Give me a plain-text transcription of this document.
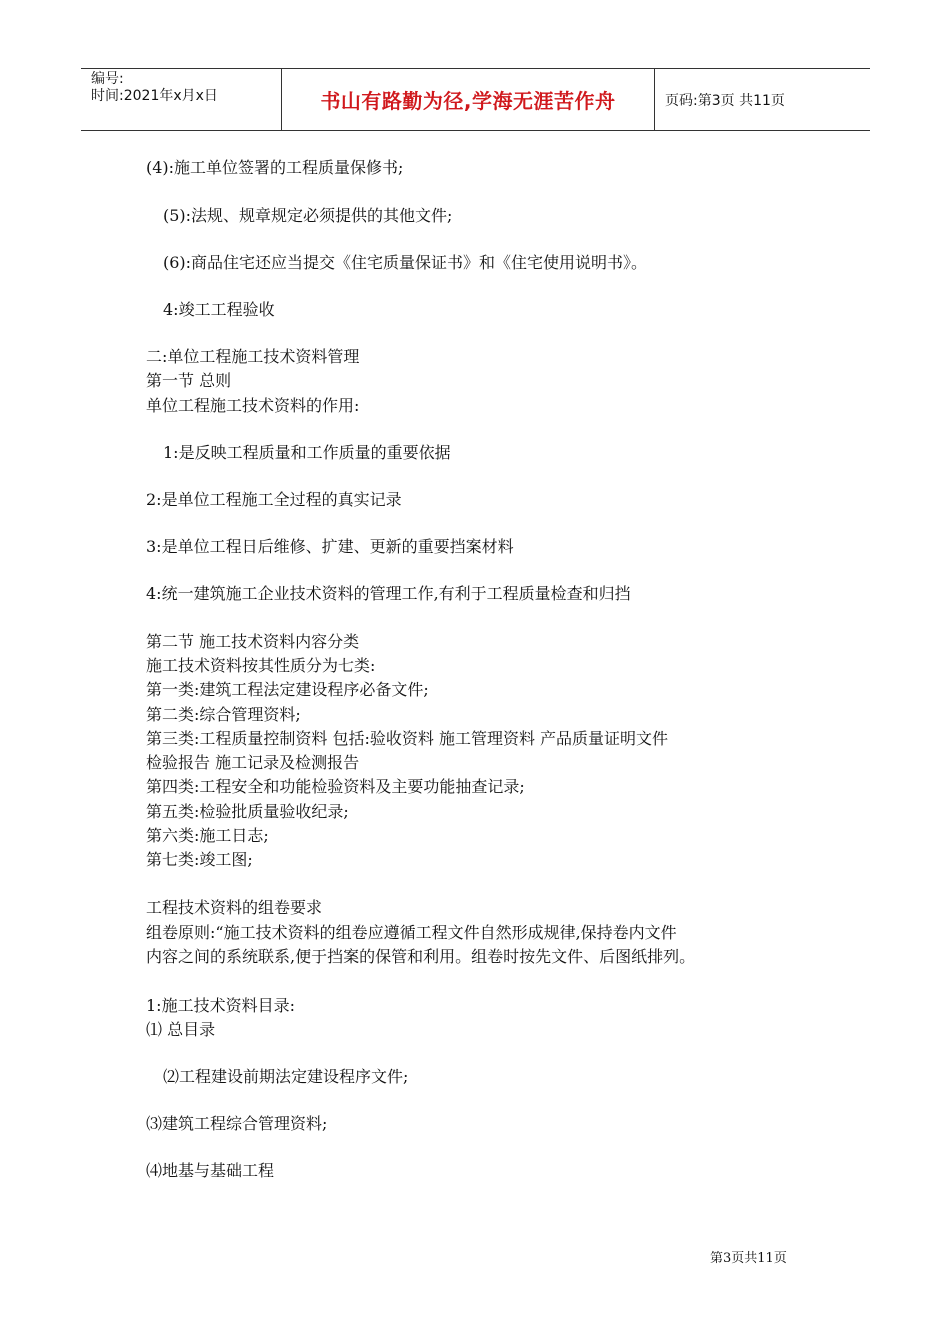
编号:
时间:2021年x月x日	书山有路勤为径,学海无涯苦作舟	页码:第3页 共11页
(4):施工单位签署的工程质量保修书;
(5):法规、规章规定必须提供的其他文件;
(6):商品住宅还应当提交《住宅质量保证书》和《住宅使用说明书》。
4:竣工工程验收
二:单位工程施工技术资料管理
第一节 总则
单位工程施工技术资料的作用:
1:是反映工程质量和工作质量的重要依据
2:是单位工程施工全过程的真实记录
3:是单位工程日后维修、扩建、更新的重要挡案材料
4:统一建筑施工企业技术资料的管理工作,有利于工程质量检查和归挡
第二节 施工技术资料内容分类
施工技术资料按其性质分为七类:
第一类:建筑工程法定建设程序必备文件;
第二类:综合管理资料;
第三类:工程质量控制资料 包括:验收资料 施工管理资料 产品质量证明文件
检验报告 施工记录及检测报告
第四类:工程安全和功能检验资料及主要功能抽查记录;
第五类:检验批质量验收纪录;
第六类:施工日志;
第七类:竣工图;
工程技术资料的组卷要求
组卷原则:“施工技术资料的组卷应遵循工程文件自然形成规律,保持卷内文件
内容之间的系统联系,便于挡案的保管和利用。组卷时按先文件、后图纸排列。
1:施工技术资料目录:
⑴ 总目录
⑵工程建设前期法定建设程序文件;
⑶建筑工程综合管理资料;
⑷地基与基础工程
第3页共11页
